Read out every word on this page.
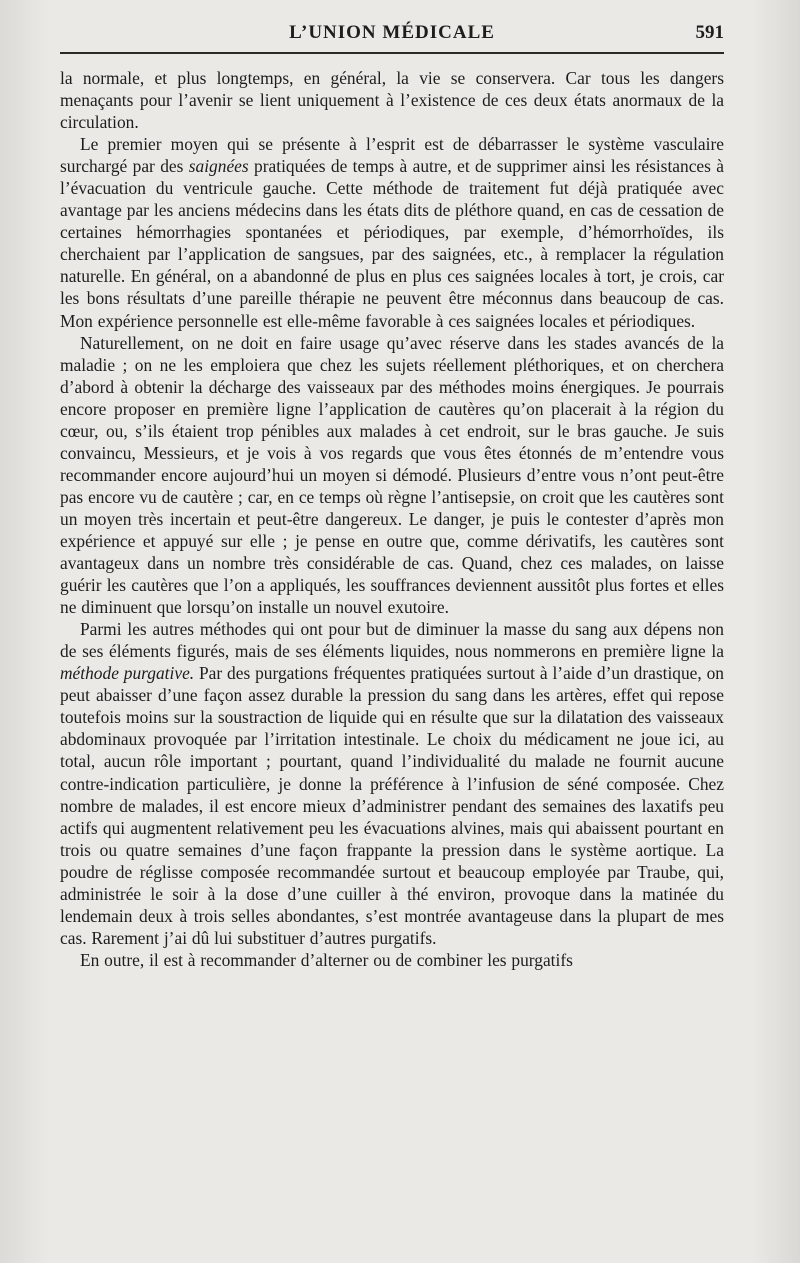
L’UNION MÉDICALE	591

la normale, et plus longtemps, en général, la vie se conservera. Car tous les dangers menaçants pour l’avenir se lient uniquement à l’existence de ces deux états anormaux de la circulation.

Le premier moyen qui se présente à l’esprit est de débarrasser le système vasculaire surchargé par des saignées pratiquées de temps à autre, et de supprimer ainsi les résistances à l’évacuation du ventricule gauche. Cette méthode de traitement fut déjà pratiquée avec avantage par les anciens médecins dans les états dits de pléthore quand, en cas de cessation de certaines hémorrhagies spontanées et périodiques, par exemple, d’hémorrhoïdes, ils cherchaient par l’application de sangsues, par des saignées, etc., à remplacer la régulation naturelle. En général, on a abandonné de plus en plus ces saignées locales à tort, je crois, car les bons résultats d’une pareille thérapie ne peuvent être méconnus dans beaucoup de cas. Mon expérience personnelle est elle-même favorable à ces saignées locales et périodiques.

Naturellement, on ne doit en faire usage qu’avec réserve dans les stades avancés de la maladie ; on ne les emploiera que chez les sujets réellement pléthoriques, et on cherchera d’abord à obtenir la décharge des vaisseaux par des méthodes moins énergiques. Je pourrais encore proposer en première ligne l’application de cautères qu’on placerait à la région du cœur, ou, s’ils étaient trop pénibles aux malades à cet endroit, sur le bras gauche. Je suis convaincu, Messieurs, et je vois à vos regards que vous êtes étonnés de m’entendre vous recommander encore aujourd’hui un moyen si démodé. Plusieurs d’entre vous n’ont peut-être pas encore vu de cautère ; car, en ce temps où règne l’antisepsie, on croit que les cautères sont un moyen très incertain et peut-être dangereux. Le danger, je puis le contester d’après mon expérience et appuyé sur elle ; je pense en outre que, comme dérivatifs, les cautères sont avantageux dans un nombre très considérable de cas. Quand, chez ces malades, on laisse guérir les cautères que l’on a appliqués, les souffrances deviennent aussitôt plus fortes et elles ne diminuent que lorsqu’on installe un nouvel exutoire.

Parmi les autres méthodes qui ont pour but de diminuer la masse du sang aux dépens non de ses éléments figurés, mais de ses éléments liquides, nous nommerons en première ligne la méthode purgative. Par des purgations fréquentes pratiquées surtout à l’aide d’un drastique, on peut abaisser d’une façon assez durable la pression du sang dans les artères, effet qui repose toutefois moins sur la soustraction de liquide qui en résulte que sur la dilatation des vaisseaux abdominaux provoquée par l’irritation intestinale. Le choix du médicament ne joue ici, au total, aucun rôle important ; pourtant, quand l’individualité du malade ne fournit aucune contre-indication particulière, je donne la préférence à l’infusion de séné composée. Chez nombre de malades, il est encore mieux d’administrer pendant des semaines des laxatifs peu actifs qui augmentent relativement peu les évacuations alvines, mais qui abaissent pourtant en trois ou quatre semaines d’une façon frappante la pression dans le système aortique. La poudre de réglisse composée recommandée surtout et beaucoup employée par Traube, qui, administrée le soir à la dose d’une cuiller à thé environ, provoque dans la matinée du lendemain deux à trois selles abondantes, s’est montrée avantageuse dans la plupart de mes cas. Rarement j’ai dû lui substituer d’autres purgatifs.

En outre, il est à recommander d’alterner ou de combiner les purgatifs
